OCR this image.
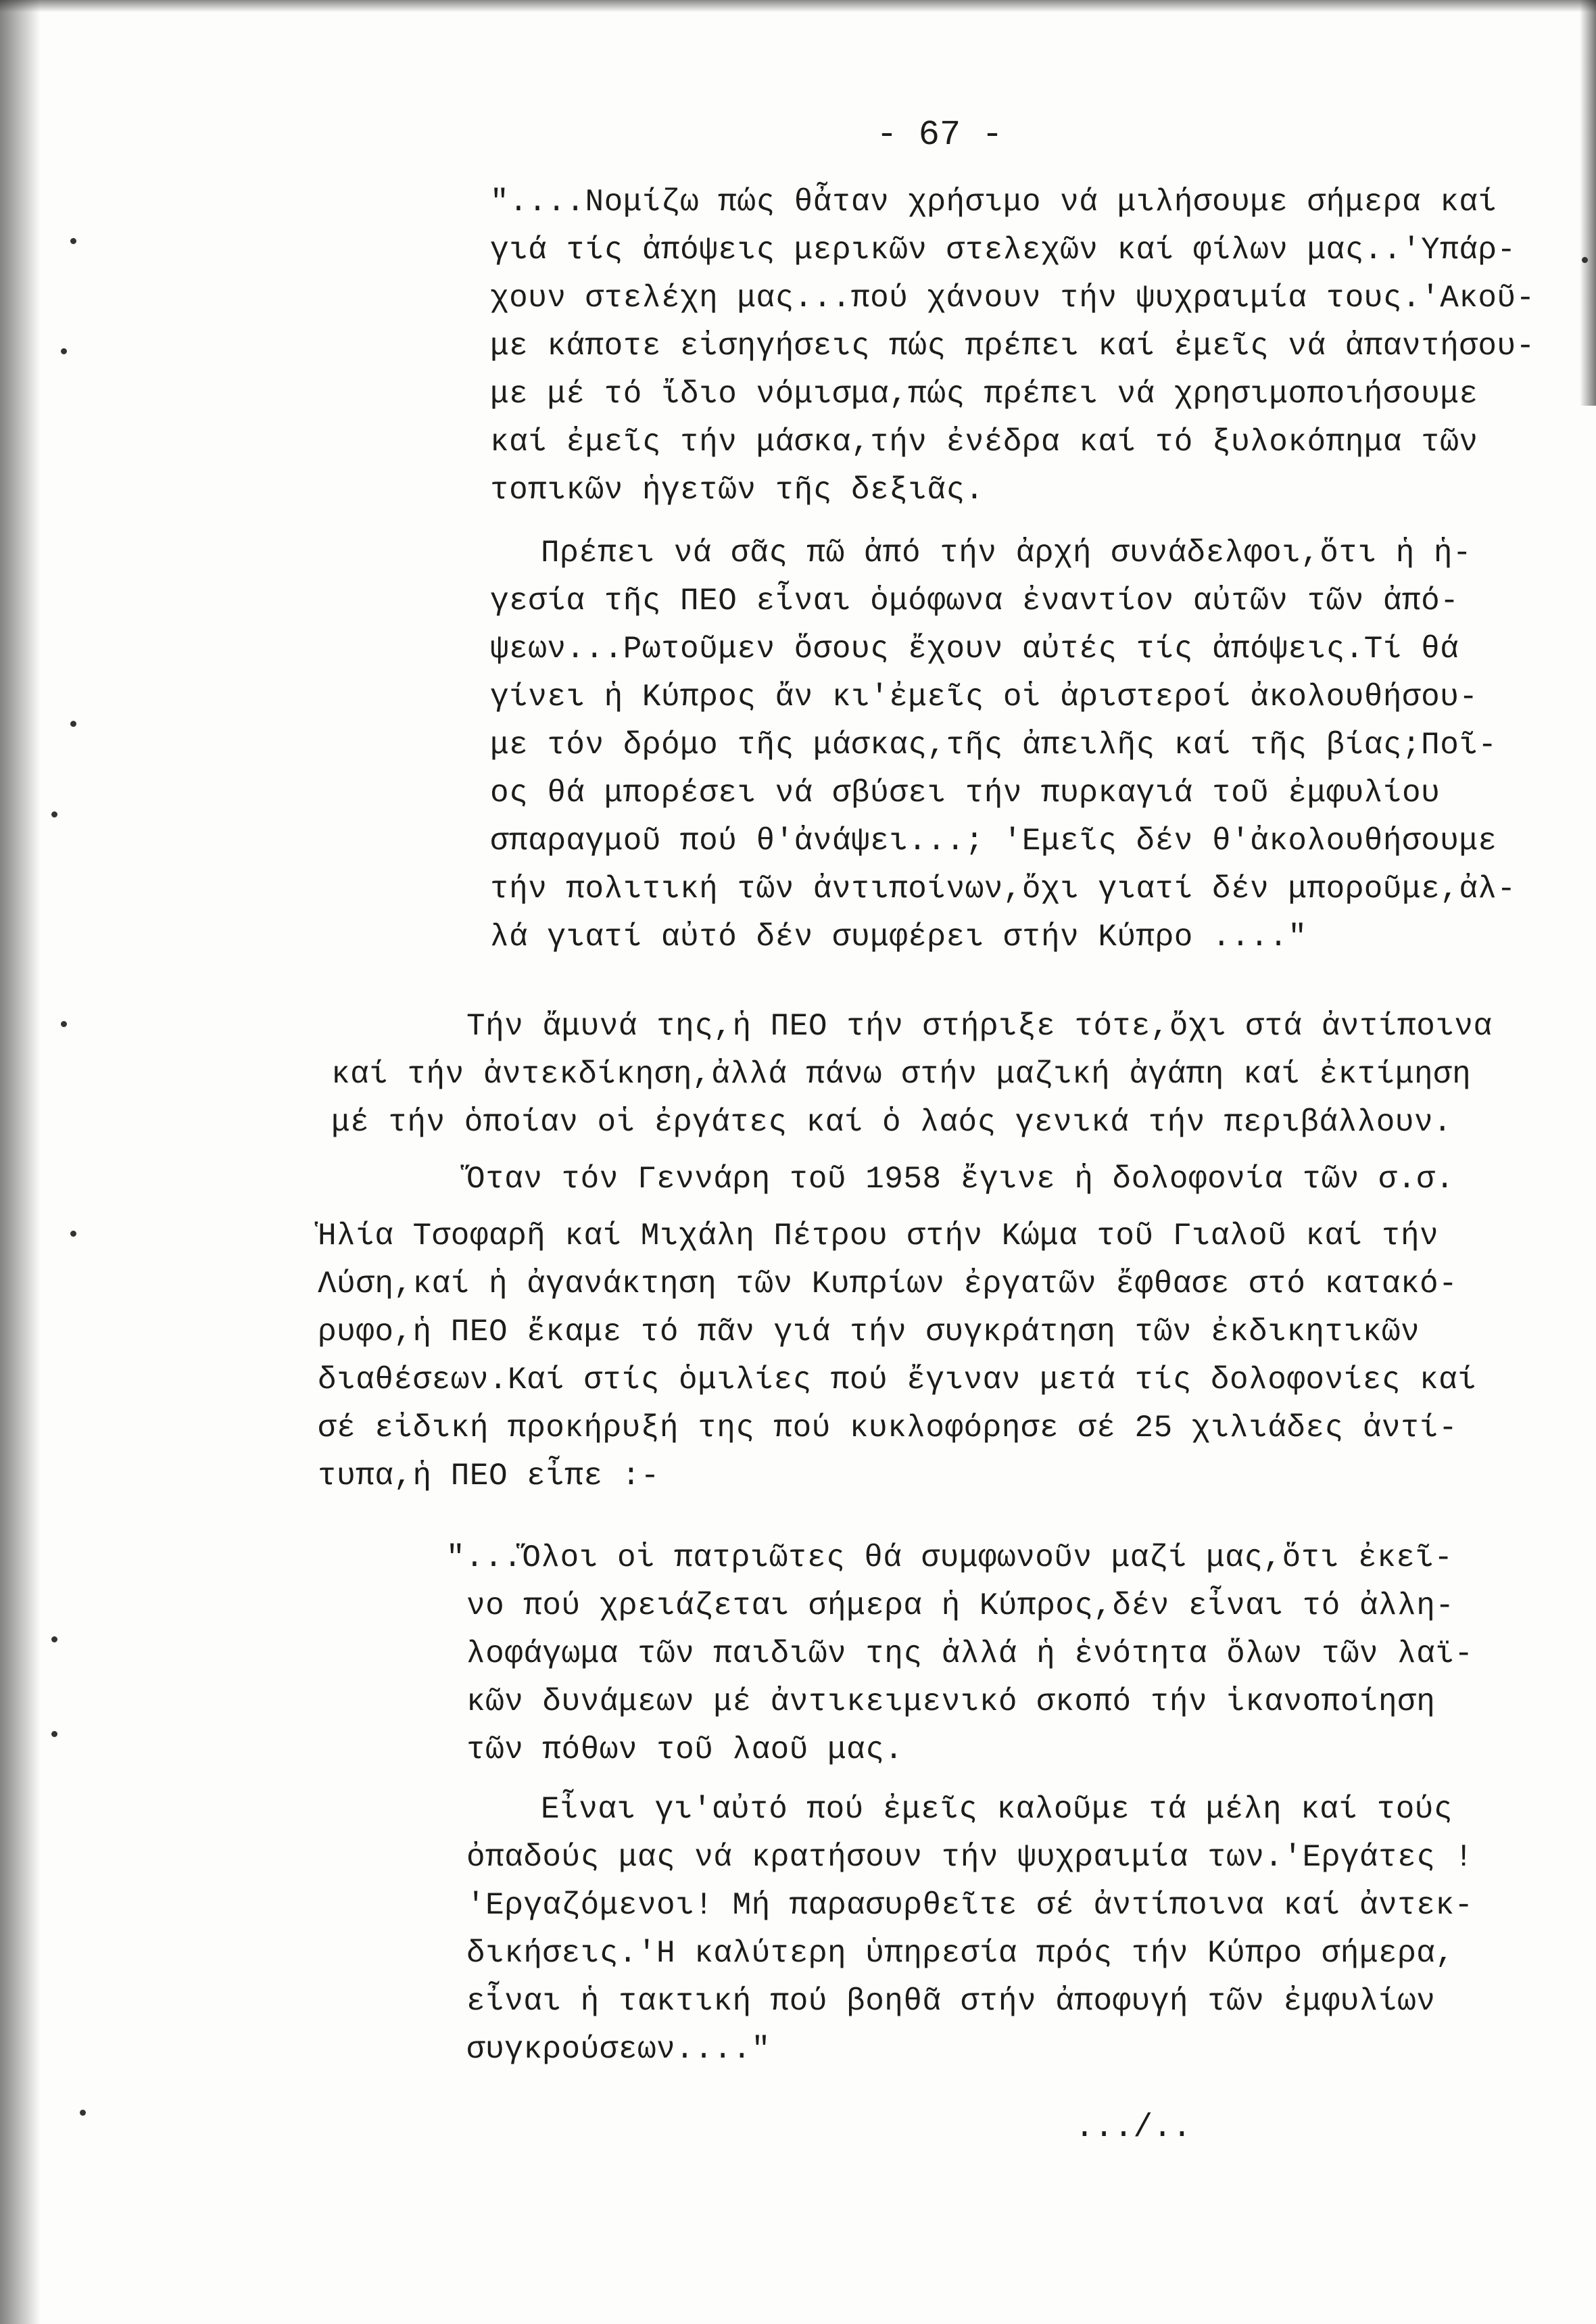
- 67 -
"....Νομίζω πώς θἆταν χρήσιμο νά μιλήσουμε σήμερα καί
γιά τίς ἀπόψεις μερικῶν στελεχῶν καί φίλων μας..'Υπάρ-
χουν στελέχη μας...πού χάνουν τήν ψυχραιμία τους.'Ακοῦ-
με κάποτε εἰσηγήσεις πώς πρέπει καί ἐμεῖς νά ἀπαντήσου-
με μέ τό ἴδιο νόμισμα,πώς πρέπει νά χρησιμοποιήσουμε
καί ἐμεῖς τήν μάσκα,τήν ἐνέδρα καί τό ξυλοκόπημα τῶν
τοπικῶν ἡγετῶν τῆς δεξιᾶς.
Πρέπει νά σᾶς πῶ ἀπό τήν ἀρχή συνάδελφοι,ὅτι ἡ ἡ-
γεσία τῆς ΠΕΟ εἶναι ὁμόφωνα ἐναντίον αὐτῶν τῶν ἀπό-
ψεων...Ρωτοῦμεν ὅσους ἔχουν αὐτές τίς ἀπόψεις.Τί θά
γίνει ἡ Κύπρος ἄν κι'ἐμεῖς οἱ ἀριστεροί ἀκολουθήσου-
με τόν δρόμο τῆς μάσκας,τῆς ἀπειλῆς καί τῆς βίας;Ποῖ-
ος θά μπορέσει νά σβύσει τήν πυρκαγιά τοῦ ἐμφυλίου
σπαραγμοῦ πού θ'ἀνάψει...; 'Εμεῖς δέν θ'ἀκολουθήσουμε
τήν πολιτική τῶν ἀντιποίνων,ὄχι γιατί δέν μποροῦμε,ἀλ-
λά γιατί αὐτό δέν συμφέρει στήν Κύπρο ...."
Τήν ἄμυνά της,ἡ ΠΕΟ τήν στήριξε τότε,ὄχι στά ἀντίποινα
καί τήν ἀντεκδίκηση,ἀλλά πάνω στήν μαζική ἀγάπη καί ἐκτίμηση
μέ τήν ὁποίαν οἱ ἐργάτες καί ὁ λαός γενικά τήν περιβάλλουν.
Ὅταν τόν Γεννάρη τοῦ 1958 ἔγινε ἡ δολοφονία τῶν σ.σ.
Ἡλία Τσοφαρῆ καί Μιχάλη Πέτρου στήν Κώμα τοῦ Γιαλοῦ καί τήν
Λύση,καί ἡ ἀγανάκτηση τῶν Κυπρίων ἐργατῶν ἔφθασε στό κατακό-
ρυφο,ἡ ΠΕΟ ἔκαμε τό πᾶν γιά τήν συγκράτηση τῶν ἐκδικητικῶν
διαθέσεων.Καί στίς ὁμιλίες πού ἔγιναν μετά τίς δολοφονίες καί
σέ εἰδική προκήρυξή της πού κυκλοφόρησε σέ 25 χιλιάδες ἀντί-
τυπα,ἡ ΠΕΟ εἶπε :-
"...Ὅλοι οἱ πατριῶτες θά συμφωνοῦν μαζί μας,ὅτι ἐκεῖ-
νο πού χρειάζεται σήμερα ἡ Κύπρος,δέν εἶναι τό ἀλλη-
λοφάγωμα τῶν παιδιῶν της ἀλλά ἡ ἑνότητα ὅλων τῶν λαϊ-
κῶν δυνάμεων μέ ἀντικειμενικό σκοπό τήν ἱκανοποίηση
τῶν πόθων τοῦ λαοῦ μας.
Εἶναι γι'αὐτό πού ἐμεῖς καλοῦμε τά μέλη καί τούς
ὀπαδούς μας νά κρατήσουν τήν ψυχραιμία των.'Εργάτες !
'Εργαζόμενοι! Μή παρασυρθεῖτε σέ ἀντίποινα καί ἀντεκ-
δικήσεις.'Η καλύτερη ὑπηρεσία πρός τήν Κύπρο σήμερα,
εἶναι ἡ τακτική πού βοηθᾶ στήν ἀποφυγή τῶν ἐμφυλίων
συγκρούσεων...."
.../..
